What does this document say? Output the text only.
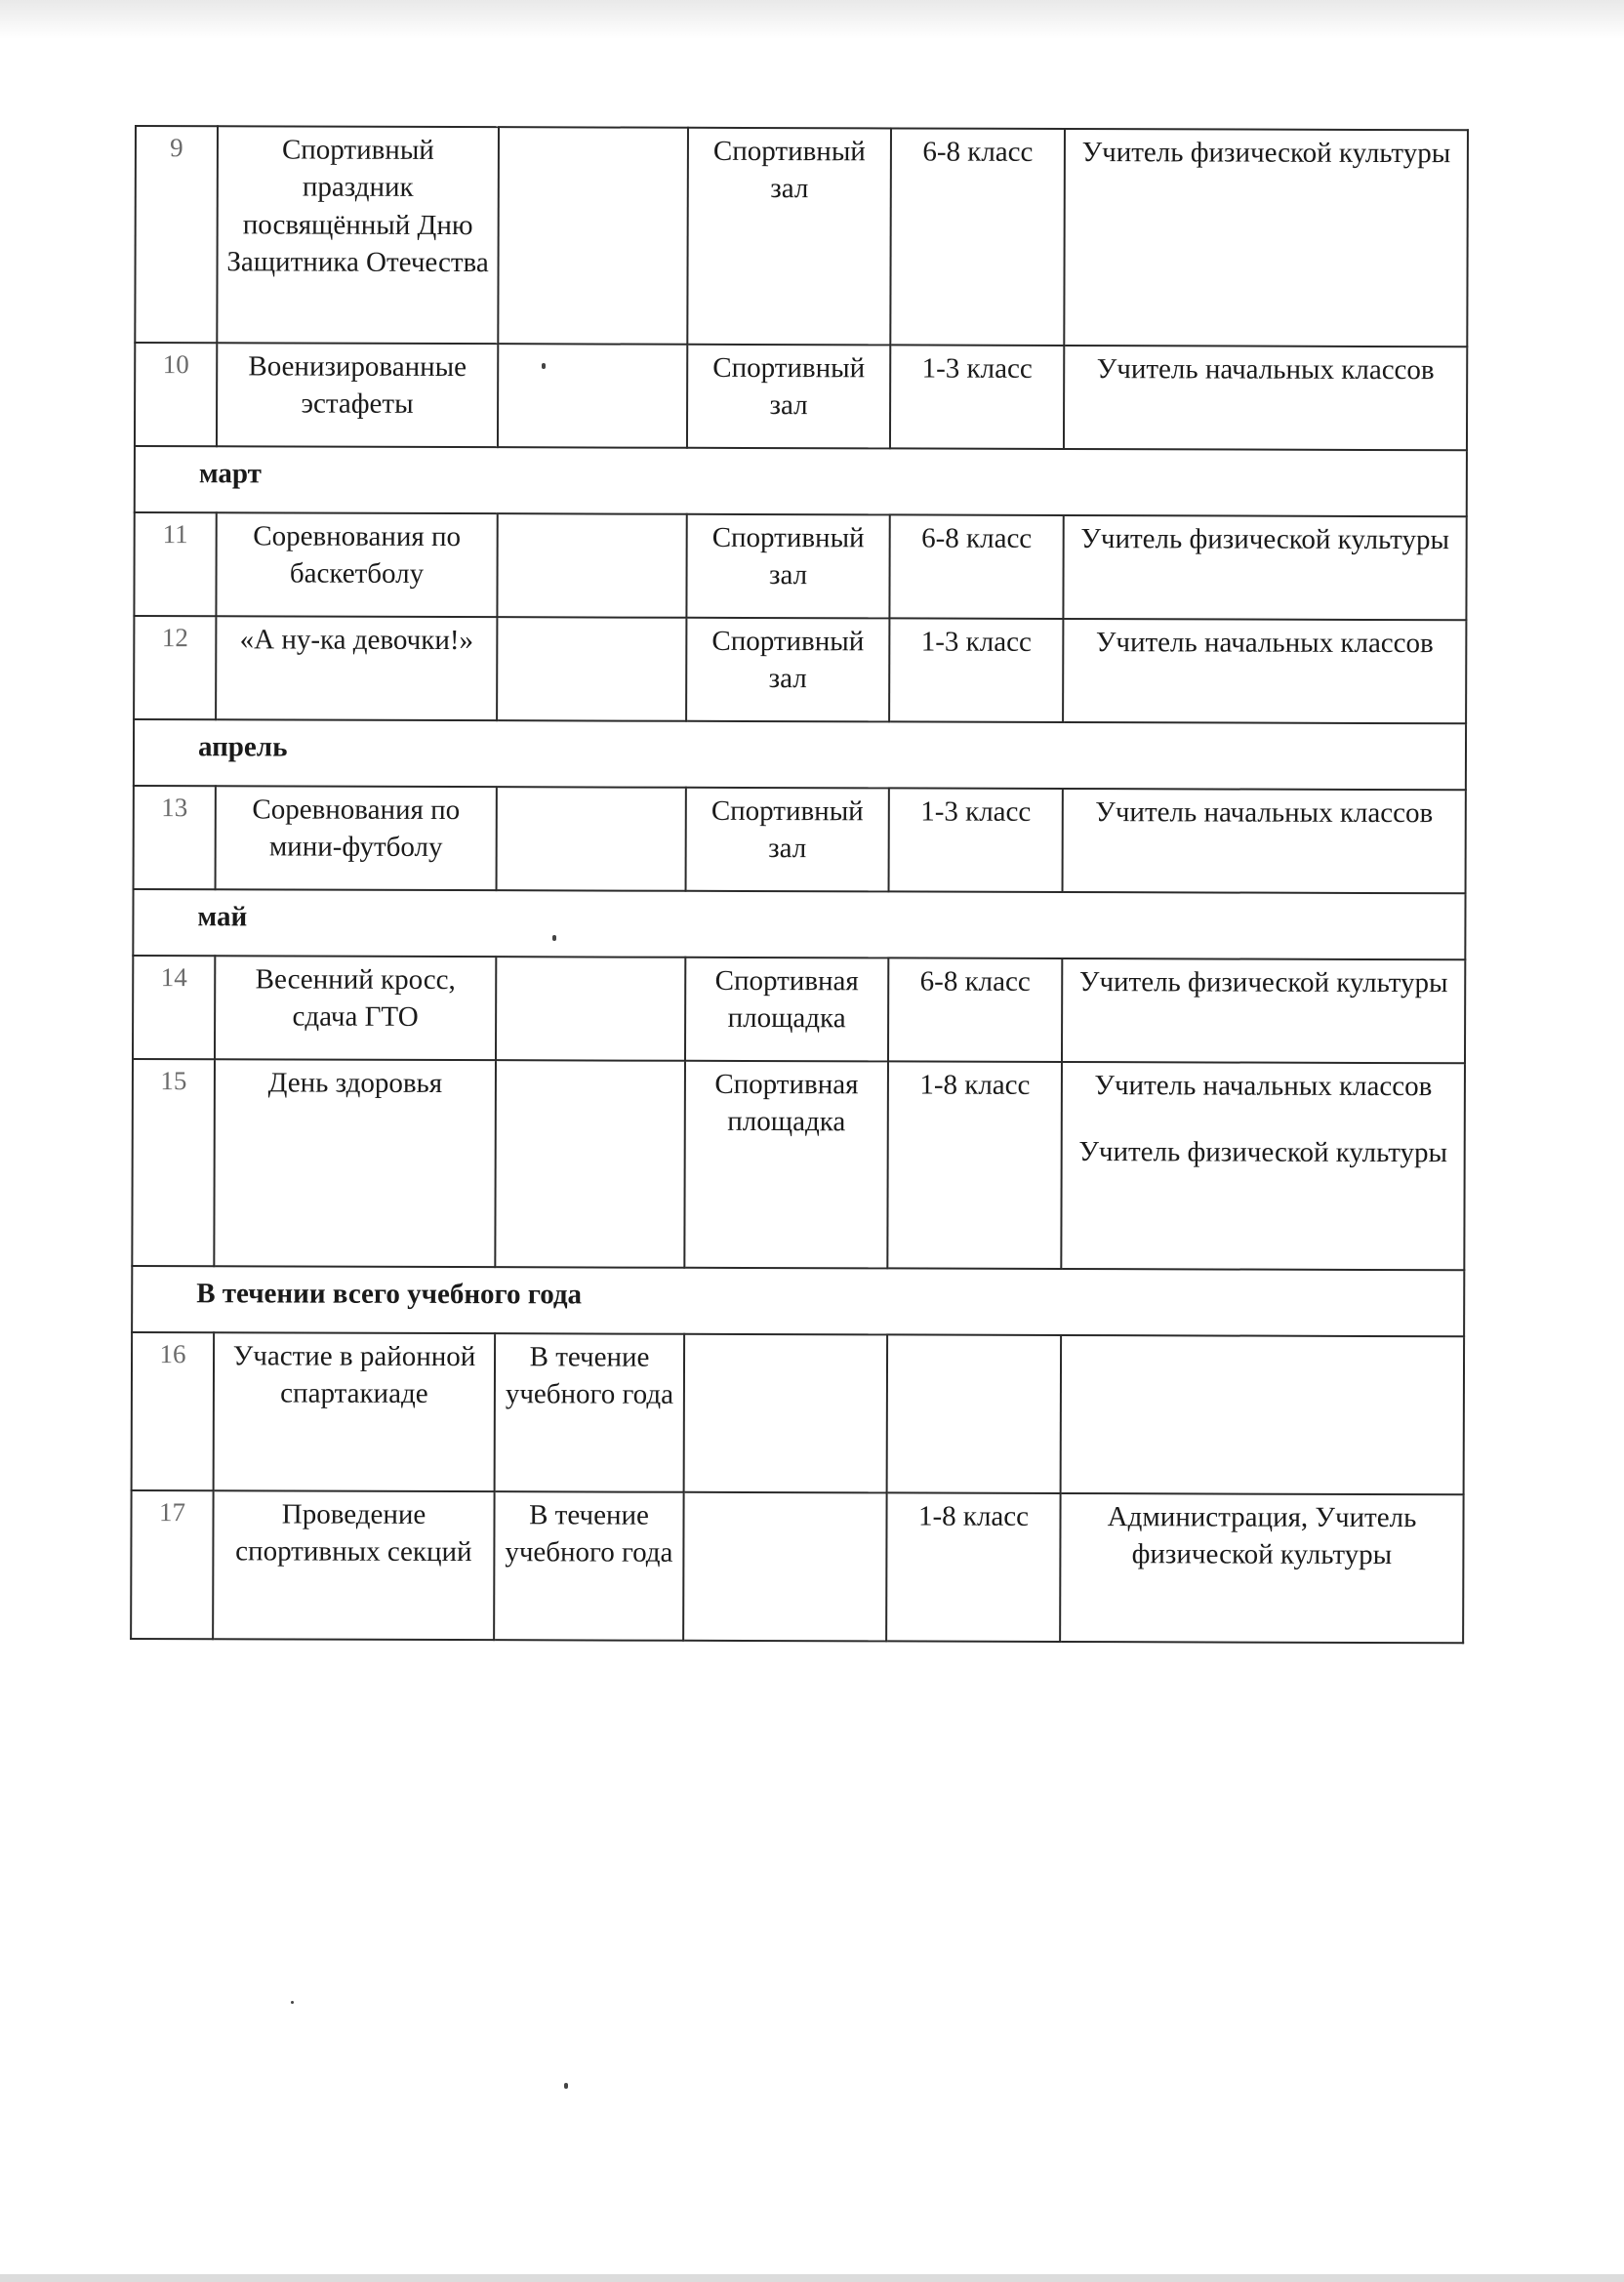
9	Спортивный праздник посвящённый Дню Защитника Отечества		Спортивный зал	6-8 класс	Учитель физической культуры
10	Военизированные эстафеты		Спортивный зал	1-3 класс	Учитель начальных классов
март					
11	Соревнования по баскетболу		Спортивный зал	6-8 класс	Учитель физической культуры
12	«А ну-ка девочки!»		Спортивный зал	1-3 класс	Учитель начальных классов
апрель					
13	Соревнования по мини-футболу		Спортивный зал	1-3 класс	Учитель начальных классов
май					
14	Весенний кросс, сдача ГТО		Спортивная площадка	6-8 класс	Учитель физической культуры
15	День здоровья		Спортивная площадка	1-8 класс	Учитель начальных классов
Учитель физической культуры
В течении всего учебного года					
16	Участие в районной спартакиаде	В течение учебного года			
17	Проведение спортивных секций	В течение учебного года		1-8 класс	Администрация, Учитель физической культуры
